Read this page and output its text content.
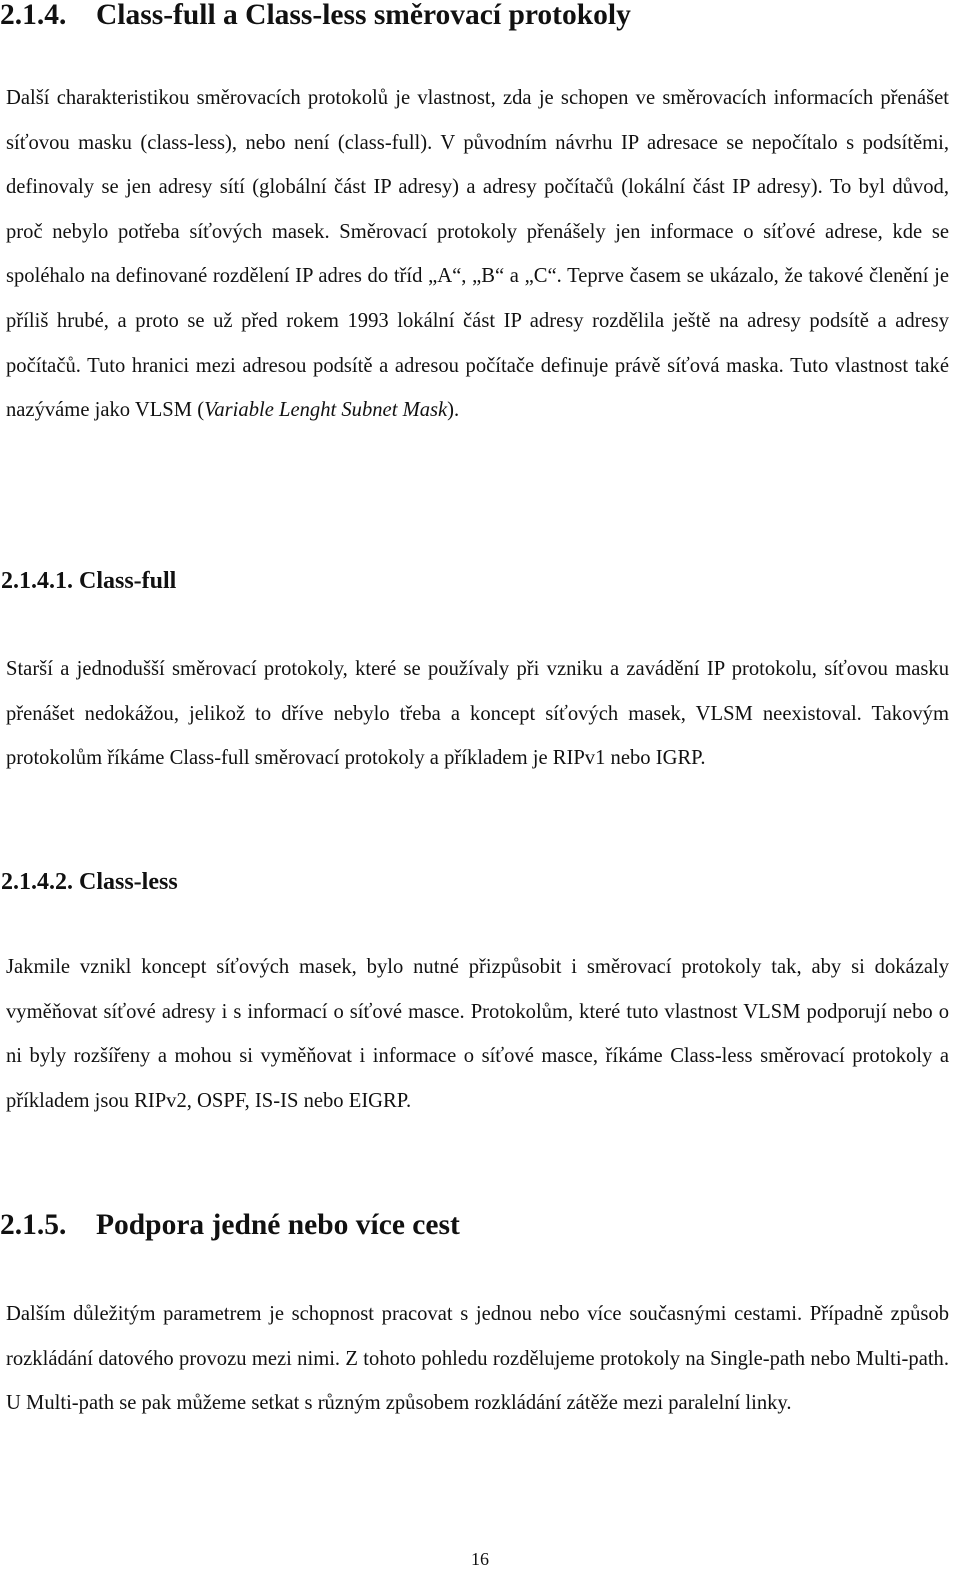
2.1.4. Class-full a Class-less směrovací protokoly

Další charakteristikou směrovacích protokolů je vlastnost, zda je schopen ve směrovacích informacích přenášet síťovou masku (class-less), nebo není (class-full). V původním návrhu IP adresace se nepočítalo s podsítěmi, definovaly se jen adresy sítí (globální část IP adresy) a adresy počítačů (lokální část IP adresy). To byl důvod, proč nebylo potřeba síťových masek. Směrovací protokoly přenášely jen informace o síťové adrese, kde se spoléhalo na definované rozdělení IP adres do tříd „A“, „B“ a „C“. Teprve časem se ukázalo, že takové členění je příliš hrubé, a proto se už před rokem 1993 lokální část IP adresy rozdělila ještě na adresy podsítě a adresy počítačů. Tuto hranici mezi adresou podsítě a adresou počítače definuje právě síťová maska. Tuto vlastnost také nazýváme jako VLSM (Variable Lenght Subnet Mask).

2.1.4.1. Class-full

Starší a jednodušší směrovací protokoly, které se používaly při vzniku a zavádění IP protokolu, síťovou masku přenášet nedokážou, jelikož to dříve nebylo třeba a koncept síťových masek, VLSM neexistoval. Takovým protokolům říkáme Class-full směrovací protokoly a příkladem je RIPv1 nebo IGRP.

2.1.4.2. Class-less

Jakmile vznikl koncept síťových masek, bylo nutné přizpůsobit i směrovací protokoly tak, aby si dokázaly vyměňovat síťové adresy i s informací o síťové masce. Protokolům, které tuto vlastnost VLSM podporují nebo o ni byly rozšířeny a mohou si vyměňovat i informace o síťové masce, říkáme Class-less směrovací protokoly a příkladem jsou RIPv2, OSPF, IS-IS nebo EIGRP.

2.1.5. Podpora jedné nebo více cest

Dalším důležitým parametrem je schopnost pracovat s jednou nebo více současnými cestami. Případně způsob rozkládání datového provozu mezi nimi. Z tohoto pohledu rozdělujeme protokoly na Single-path nebo Multi-path. U Multi-path se pak můžeme setkat s různým způsobem rozkládání zátěže mezi paralelní linky.

16
